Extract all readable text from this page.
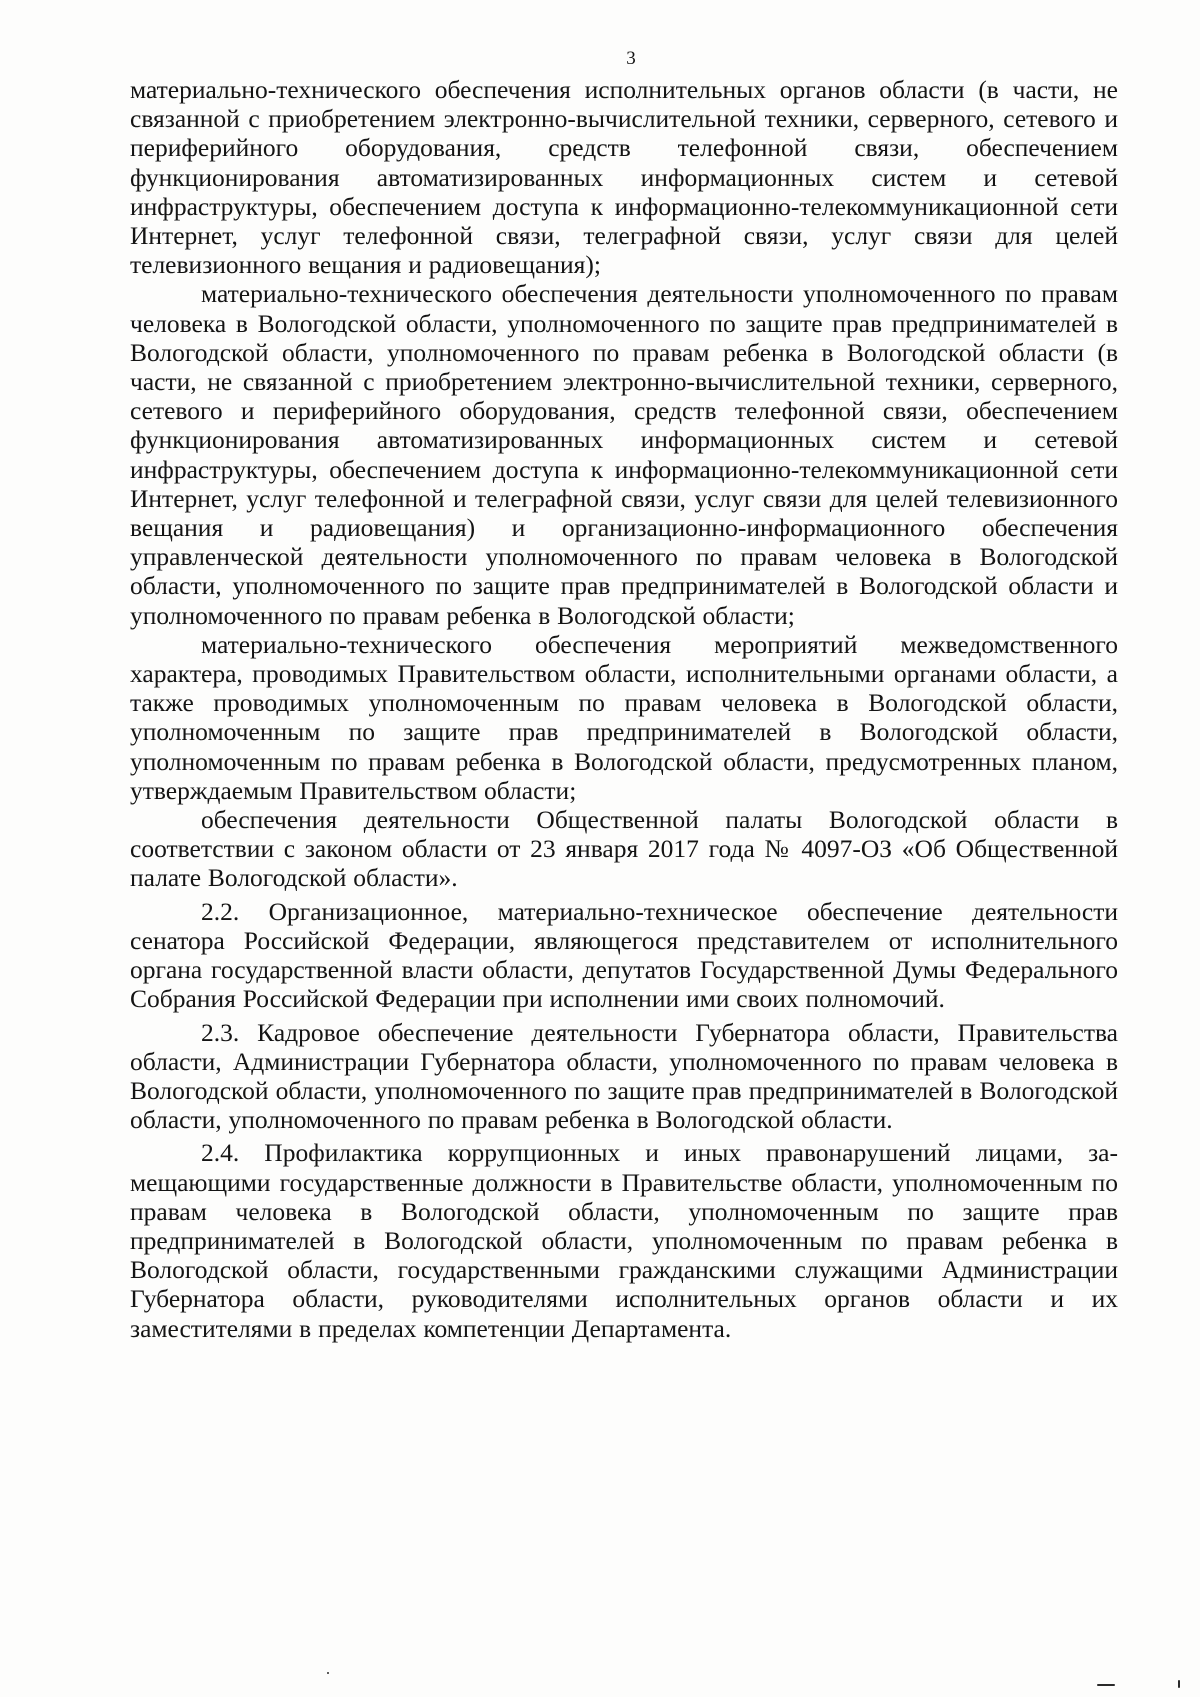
3

материально-технического обеспечения исполнительных органов области (в части, не связанной с приобретением электронно-вычислительной техники, серверного, сетевого и периферийного оборудования, средств телефонной связи, обеспечением функционирования автоматизированных информационных систем и сетевой инфраструктуры, обеспечением доступа к информационно-телекоммуникационной сети Интернет, услуг телефонной связи, телеграфной связи, услуг связи для целей телевизионного вещания и радиовещания);

материально-технического обеспечения деятельности уполномоченного по правам человека в Вологодской области, уполномоченного по защите прав предпринимателей в Вологодской области, уполномоченного по правам ребенка в Вологодской области (в части, не связанной с приобретением электронно-вычислительной техники, серверного, сетевого и периферийного оборудования, средств телефонной связи, обеспечением функционирования автоматизированных информационных систем и сетевой инфраструктуры, обеспечением доступа к информационно-телекоммуникационной сети Интернет, услуг телефонной и телеграфной связи, услуг связи для целей телевизионного вещания и радиовещания) и организационно-информационного обеспечения управленческой деятельности уполномоченного по правам человека в Вологодской области, уполномоченного по защите прав предпринимателей в Вологодской области и уполномоченного по правам ребенка в Вологодской области;

материально-технического обеспечения мероприятий межведомственного характера, проводимых Правительством области, исполнительными органами области, а также проводимых уполномоченным по правам человека в Вологодской области, уполномоченным по защите прав предпринимателей в Вологодской области, уполномоченным по правам ребенка в Вологодской области, предусмотренных планом, утверждаемым Правительством области;

обеспечения деятельности Общественной палаты Вологодской области в соответствии с законом области от 23 января 2017 года № 4097-ОЗ «Об Общественной палате Вологодской области».

2.2. Организационное, материально-техническое обеспечение деятельности сенатора Российской Федерации, являющегося представителем от исполнительного органа государственной власти области, депутатов Государственной Думы Федерального Собрания Российской Федерации при исполнении ими своих полномочий.

2.3. Кадровое обеспечение деятельности Губернатора области, Правительства области, Администрации Губернатора области, уполномоченного по правам человека в Вологодской области, уполномоченного по защите прав предпринимателей в Вологодской области, уполномоченного по правам ребенка в Вологодской области.

2.4. Профилактика коррупционных и иных правонарушений лицами, замещающими государственные должности в Правительстве области, уполномоченным по правам человека в Вологодской области, уполномоченным по защите прав предпринимателей в Вологодской области, уполномоченным по правам ребенка в Вологодской области, государственными гражданскими служащими Администрации Губернатора области, руководителями исполнительных органов области и их заместителями в пределах компетенции Департамента.
